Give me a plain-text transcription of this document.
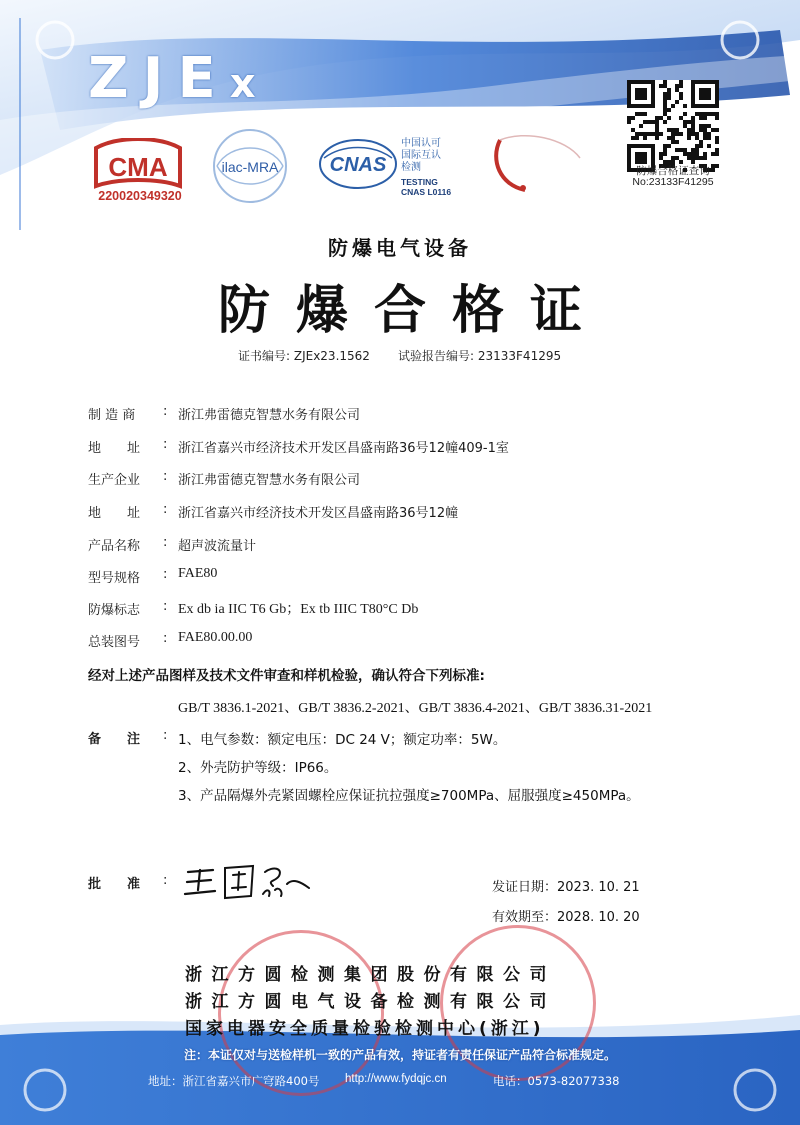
ZJEx
CMA
220020349320
ilac-MRA	CNAS
中国认可
国际互认
检测
TESTING
CNAS L0116
防爆合格证查询
No:23133F41295
防爆电气设备
防爆合格证
证书编号: ZJEx23.1562 试验报告编号: 23133F41295
制 造 商	: 浙江弗雷德克智慧水务有限公司
地　　址	: 浙江省嘉兴市经济技术开发区昌盛南路36号12幢409-1室
生产企业	: 浙江弗雷德克智慧水务有限公司
地　　址	: 浙江省嘉兴市经济技术开发区昌盛南路36号12幢
产品名称	: 超声波流量计
型号规格	: FAE80
防爆标志	: Ex db ia IIC T6 Gb；Ex tb IIIC T80°C Db
总装图号	: FAE80.00.00
经对上述产品图样及技术文件审查和样机检验，确认符合下列标准:
GB/T 3836.1-2021、GB/T 3836.2-2021、GB/T 3836.4-2021、GB/T 3836.31-2021
备　　注	: 1、电气参数：额定电压：DC 24 V；额定功率：5W。
2、外壳防护等级：IP66。
3、产品隔爆外壳紧固螺栓应保证抗拉强度≥700MPa、屈服强度≥450MPa。
批　　准 :	发证日期：2023. 10. 21
有效期至：2028. 10. 20
浙江方圆检测集团股份有限公司
浙江方圆电气设备检测有限公司
国家电器安全质量检验检测中心(浙江)
注：本证仅对与送检样机一致的产品有效，持证者有责任保证产品符合标准规定。
地址：浙江省嘉兴市广穹路400号 http://www.fydqjc.cn	电话：0573-82077338
